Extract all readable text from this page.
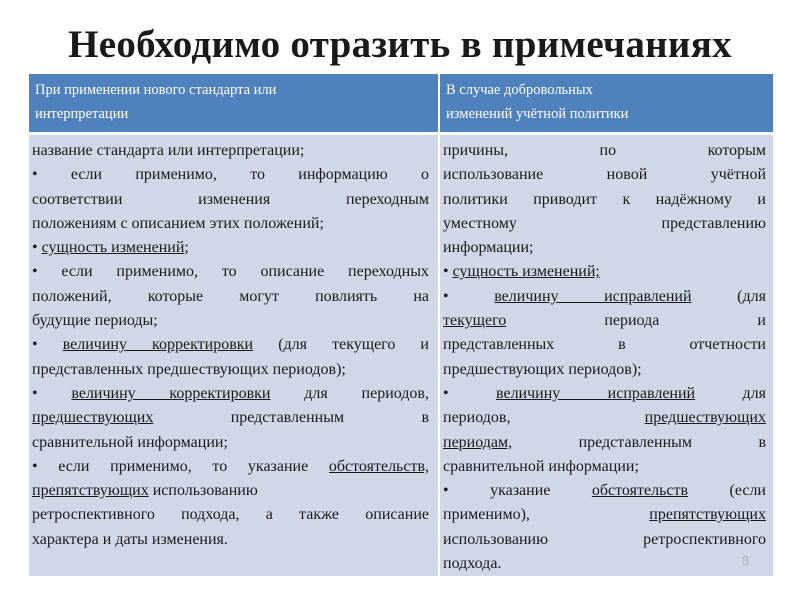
Необходимо отразить в примечаниях
При применении нового стандарта или
интерпретации
В случае добровольных
изменений учётной политики
название стандарта или интерпретации;
• если применимо, то информацию о
соответствии изменения переходным
положениям с описанием этих положений;
• сущность изменений;
• если применимо, то описание переходных
положений, которые могут повлиять на
будущие периоды;
• величину корректировки (для текущего и
представленных предшествующих периодов);
• величину корректировки для периодов,
предшествующих представленным в
сравнительной информации;
• если применимо, то указание обстоятельств,
препятствующих использованию
ретроспективного подхода, а также описание
характера и даты изменения.
причины, по которым
использование новой учётной
политики приводит к надёжному и
уместному представлению
информации;
• сущность изменений;
• величину исправлений (для
текущего периода и
представленных в отчетности
предшествующих периодов);
• величину исправлений для
периодов, предшествующих
периодам, представленным в
сравнительной информации;
• указание обстоятельств (если
применимо), препятствующих
использованию ретроспективного
подхода.	8
